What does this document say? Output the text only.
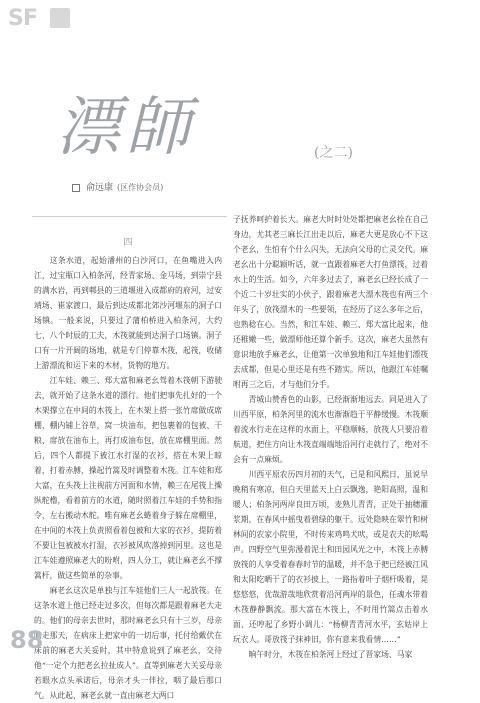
SF
漂師	(之二)
俞远康 (区作协会员)

四

这条水道，起始潘州的白沙河口，在鱼嘴进入内江，过宝瓶口入柏条河，经青家场、金马场，到崇宁县的满水岩，再到郫县的三道堰进入成都府的府河，过安靖场、崔家渡口，最后到达成都北郊沙河堰东的洞子口场镇。一般来说，只要过了蒲柏桥进入柏条河，大约七、八个时辰的工夫，木筏就能到达洞子口场镇。洞子口有一片开阔的场地，就是专门停靠木筏，起筏，收储上游漂流和运下来的木材，货物的地方。

江车娃、赖三、郑大富和麻老幺驾着木筏朝下游驶去，就开始了这条水道的漂行。他们把事先扎好的一个木架撑立在中间的木筏上，在木架上搭一张竹席做成席棚，棚内铺上谷草，窝一块油布，把包裹着的包被、干粮、席放在油布上，再打成油布包，放在席棚里面。然后，四个人都提下被江水打湿的衣衫，搭在木架上晾着，打着赤膊，操起竹篙及时调整着木筏。江车娃和郑大富，在头筏上注视前方河面和水情，赖三在尾筏上操纵舵橹，看着前方的水道，随时照着江车娃的手势和指令，左右搬动木舵。唯有麻老幺蜷着身子躲在席棚里，在中间的木筏上负责照看着包被和大家的衣衫，提防着不要让包被被水打湿，衣衫被风吹落掉到河里。这也是江车娃遵照麻老大的吩咐，四人分工，就让麻老幺不撑篙杆，做这些简单的杂事。

麻老幺这次是单独与江车娃他们三人一起放筏。在这条水道上他已经走过多次，但每次都是跟着麻老大走的。他们的母亲去世时，那时麻老幺只有十三岁，母亲临走那天，在病床上把家中的一切后事，托付给戴伏在床前的麻老大关妥时，其中特意说到了麻老幺，交待他“一定个力把老幺拉扯成人”。直等到麻老大关妥母亲若眼水点头承诺后，母亲才头一伴拉，咽了最后那口气。从此起，麻老幺就一直由麻老大两口

子抚养呵护着长大。麻老大时时处处都把麻老幺拴在自己身边，尤其老三麻长江出走以后，麻老大更是放心不下这个老幺，生怕有个什么闪失，无法向父母的亡灵交代。麻老幺出十分聪颖听话，就一直跟着麻老大打鱼漂筏，过着水上的生活。如今，六年多过去了，麻老幺已经长成了一个近二十岁壮实的小伙子，跟着麻老大漂木筏也有两三个年头了，放筏漂木的一些要领，在经历了这么多年之后，也熟稔在心。当然，和江车娃、赖三、郑大富比起来，他还稚嫩一些，做漂师他还算个新手。这次，麻老大虽然有意识地放手麻老幺，让他第一次单独地和江车娃他们漂筏去成都，但是心里还是有些不踏实。所以，他跟江车娃嘱咐再三之后，才与他们分手。

青城山赞香色的山影，已经渐渐地远去。同是进入了川西平原，柏条河里的流水也渐渐趋于平静缓慢。木筏顺着流水行走在这样的水面上，平稳顺畅，放筏人只要沿着航道，把住方向让木筏直端端地沿河行走就行了，绝对不会有一点麻烦。

川西平原农历四月初的天气，已是和风熙日，虽说早晚稍有寒凉，但白天里蓝天上白云飘逸，艳阳高照，温和暖人；柏条河两岸良田万顷，麦熟儿青青，正处于抽穗灌浆期，在春风中摇曳着碧绿的躯干。远处隐映在翠竹和树林间的农家小院里，不时传来鸡鸣犬吠，或是农夫的吆喝声。四野空气里弥漫着泥土和田园风光之中，木筏上赤膊放筏的人享受着春春时节的温暖，并不急于把已经被江风和太阳吃晒干了的衣衫披上，一路指着叶子烟杆吸着，晃悠悠悠，优哉游哉地欣赏着沿河两岸的景色，任魂水带着木筏静静飘流。那大富在木筏上，不时用竹篙点击着水面，还哼起了乡野小调儿：“杨柳青青河水平，玄姑岸上玩衣人。哥放筏子抹神旧，你有意来我看情……”

晌午时分，木筏在柏条河上经过了晋家场、马家

88
